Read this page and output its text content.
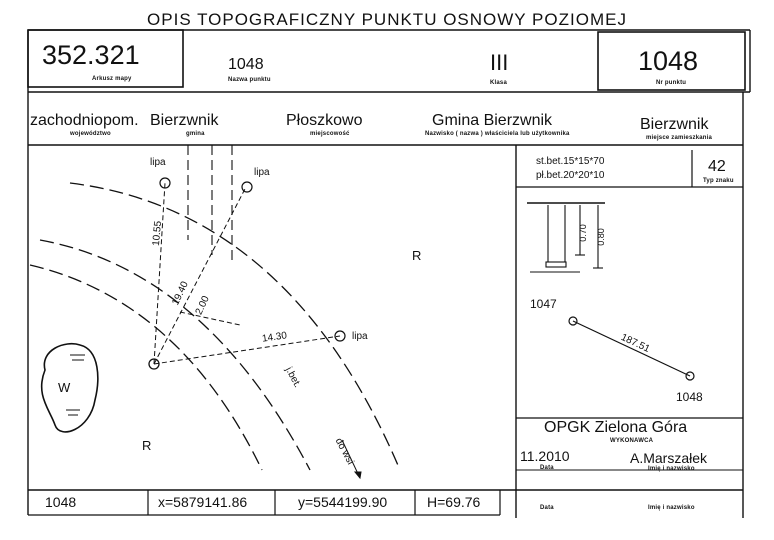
OPIS TOPOGRAFICZNY PUNKTU OSNOWY POZIOMEJ
352.321
Arkusz mapy
1048
Nazwa punktu
III
Klasa
1048
Nr punktu
zachodniopom. Bierzwnik
województwo	gmina
Płoszkowo
miejscowość
Gmina Bierzwnik
Nazwisko ( nazwa ) właściciela lub użytkownika
Bierzwnik
miejsce zamieszkania
lipa
lipa
lipa
10.55
19.40 2.00
14.30
j.bet.
do wsi
R
R
W
st.bet.15*15*70
pł.bet.20*20*10
42
Typ znaku
0.70 0.80
1047
1048
187.51
OPGK Zielona Góra
WYKONAWCA
11.2010
Data
A.Marszałek
Imię i nazwisko
1048	x=5879141.86	y=5544199.90	H=69.76	Data	Imię i nazwisko
